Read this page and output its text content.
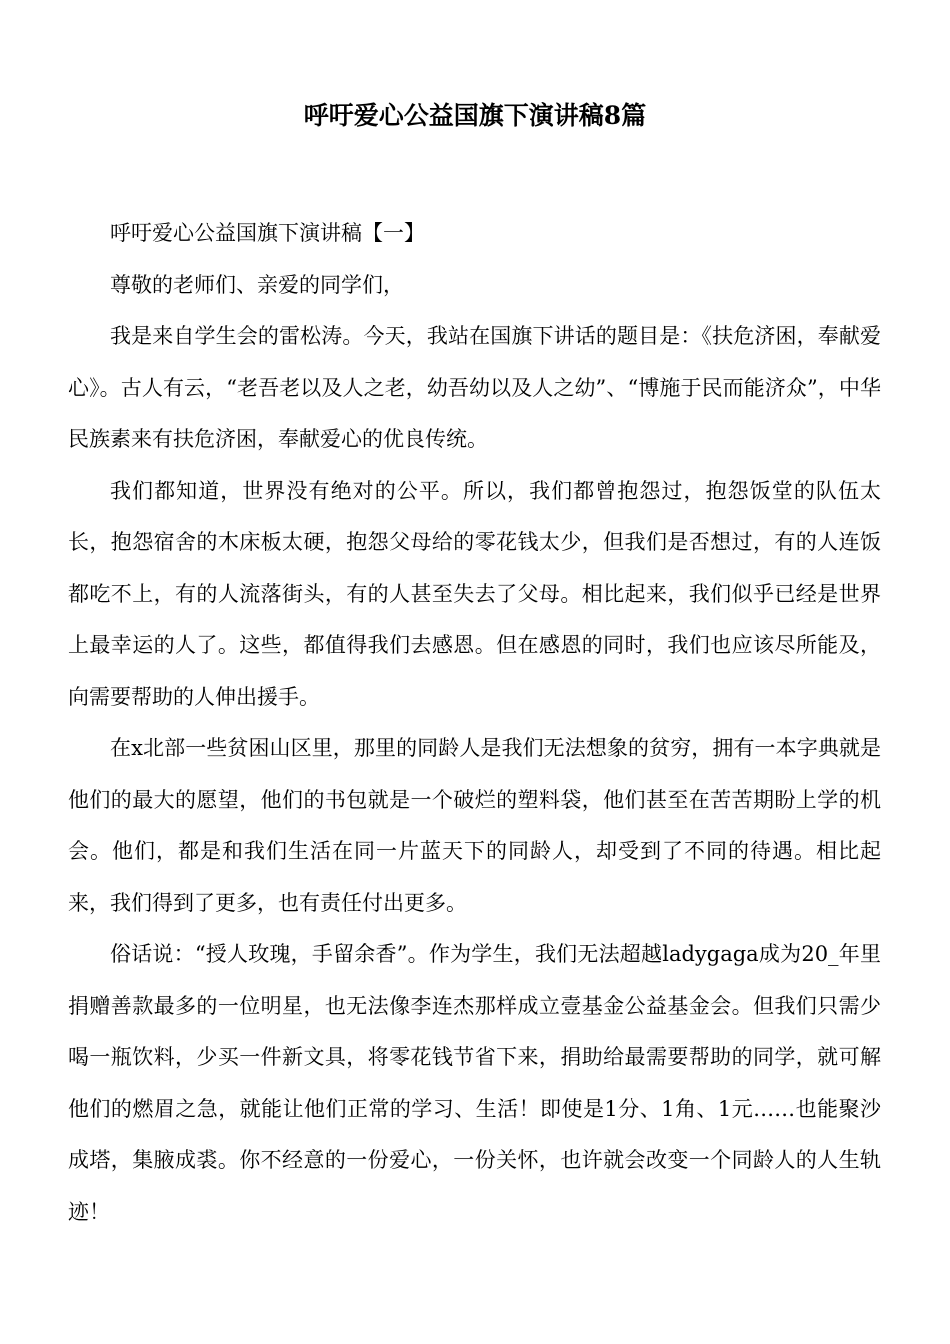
呼吁爱心公益国旗下演讲稿8篇

呼吁爱心公益国旗下演讲稿【一】

尊敬的老师们、亲爱的同学们，

我是来自学生会的雷松涛。今天，我站在国旗下讲话的题目是：《扶危济困，奉献爱心》。古人有云，“老吾老以及人之老，幼吾幼以及人之幼”、“博施于民而能济众”，中华民族素来有扶危济困，奉献爱心的优良传统。

我们都知道，世界没有绝对的公平。所以，我们都曾抱怨过，抱怨饭堂的队伍太长，抱怨宿舍的木床板太硬，抱怨父母给的零花钱太少，但我们是否想过，有的人连饭都吃不上，有的人流落街头，有的人甚至失去了父母。相比起来，我们似乎已经是世界上最幸运的人了。这些，都值得我们去感恩。但在感恩的同时，我们也应该尽所能及，向需要帮助的人伸出援手。

在x北部一些贫困山区里，那里的同龄人是我们无法想象的贫穷，拥有一本字典就是他们的最大的愿望，他们的书包就是一个破烂的塑料袋，他们甚至在苦苦期盼上学的机会。他们，都是和我们生活在同一片蓝天下的同龄人，却受到了不同的待遇。相比起来，我们得到了更多，也有责任付出更多。

俗话说：“授人玫瑰，手留余香”。作为学生，我们无法超越ladygaga成为20_年里捐赠善款最多的一位明星，也无法像李连杰那样成立壹基金公益基金会。但我们只需少喝一瓶饮料，少买一件新文具，将零花钱节省下来，捐助给最需要帮助的同学，就可解他们的燃眉之急，就能让他们正常的学习、生活！即使是1分、1角、1元……也能聚沙成塔，集腋成裘。你不经意的一份爱心，一份关怀，也许就会改变一个同龄人的人生轨迹！
